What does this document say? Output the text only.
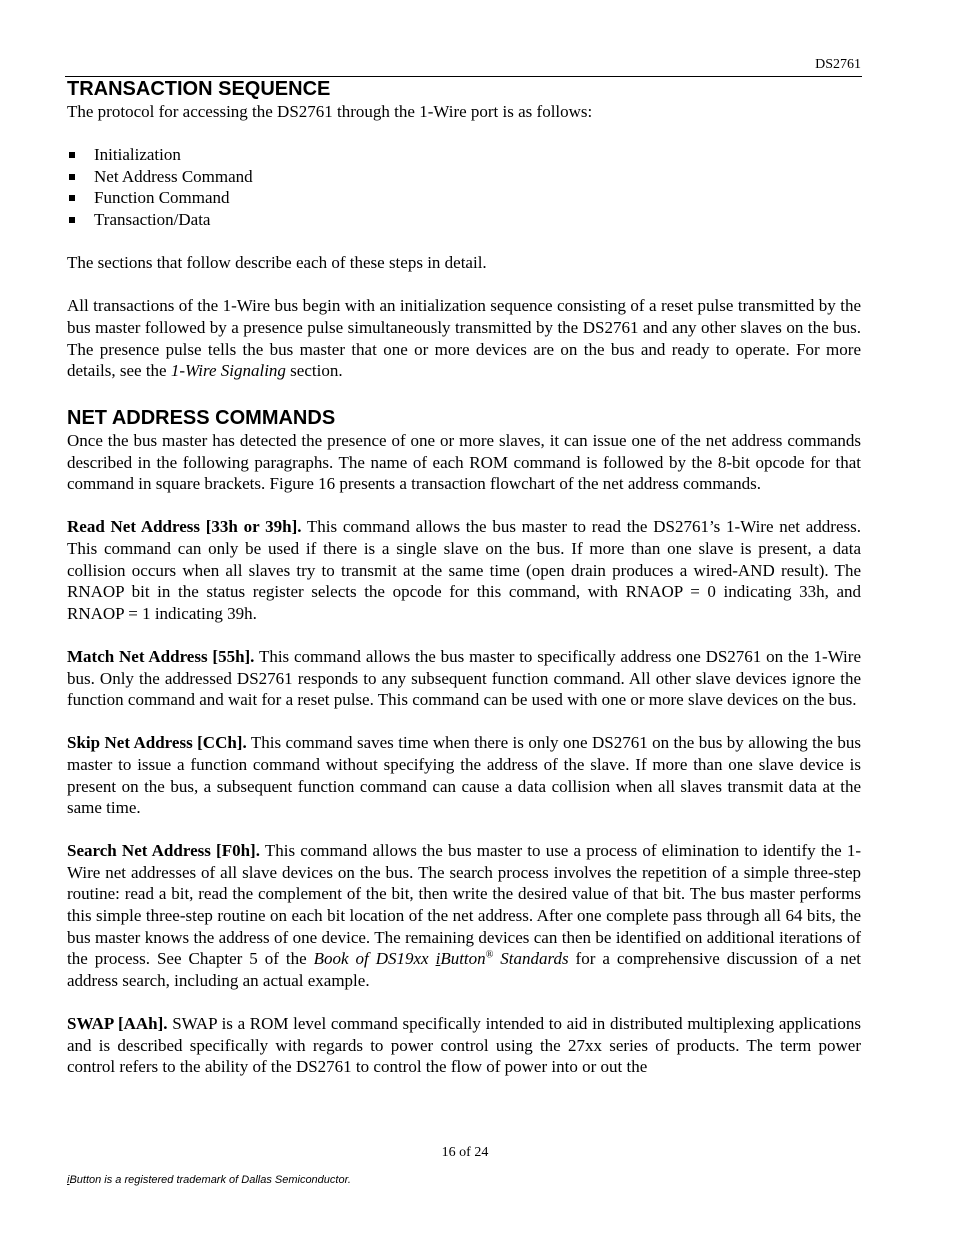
DS2761
TRANSACTION SEQUENCE

The protocol for accessing the DS2761 through the 1-Wire port is as follows:

Initialization
Net Address Command
Function Command
Transaction/Data

The sections that follow describe each of these steps in detail.

All transactions of the 1-Wire bus begin with an initialization sequence consisting of a reset pulse transmitted by the bus master followed by a presence pulse simultaneously transmitted by the DS2761 and any other slaves on the bus. The presence pulse tells the bus master that one or more devices are on the bus and ready to operate. For more details, see the 1-Wire Signaling section.

NET ADDRESS COMMANDS

Once the bus master has detected the presence of one or more slaves, it can issue one of the net address commands described in the following paragraphs. The name of each ROM command is followed by the 8-bit opcode for that command in square brackets. Figure 16 presents a transaction flowchart of the net address commands.

Read Net Address [33h or 39h]. This command allows the bus master to read the DS2761’s 1-Wire net address. This command can only be used if there is a single slave on the bus. If more than one slave is present, a data collision occurs when all slaves try to transmit at the same time (open drain produces a wired-AND result). The RNAOP bit in the status register selects the opcode for this command, with RNAOP = 0 indicating 33h, and RNAOP = 1 indicating 39h.

Match Net Address [55h]. This command allows the bus master to specifically address one DS2761 on the 1-Wire bus. Only the addressed DS2761 responds to any subsequent function command. All other slave devices ignore the function command and wait for a reset pulse. This command can be used with one or more slave devices on the bus.

Skip Net Address [CCh]. This command saves time when there is only one DS2761 on the bus by allowing the bus master to issue a function command without specifying the address of the slave. If more than one slave device is present on the bus, a subsequent function command can cause a data collision when all slaves transmit data at the same time.

Search Net Address [F0h]. This command allows the bus master to use a process of elimination to identify the 1-Wire net addresses of all slave devices on the bus. The search process involves the repetition of a simple three-step routine: read a bit, read the complement of the bit, then write the desired value of that bit. The bus master performs this simple three-step routine on each bit location of the net address. After one complete pass through all 64 bits, the bus master knows the address of one device. The remaining devices can then be identified on additional iterations of the process. See Chapter 5 of the Book of DS19xx iButton® Standards for a comprehensive discussion of a net address search, including an actual example.

SWAP [AAh]. SWAP is a ROM level command specifically intended to aid in distributed multiplexing applications and is described specifically with regards to power control using the 27xx series of products. The term power control refers to the ability of the DS2761 to control the flow of power into or out the

16 of 24
iButton is a registered trademark of Dallas Semiconductor.
